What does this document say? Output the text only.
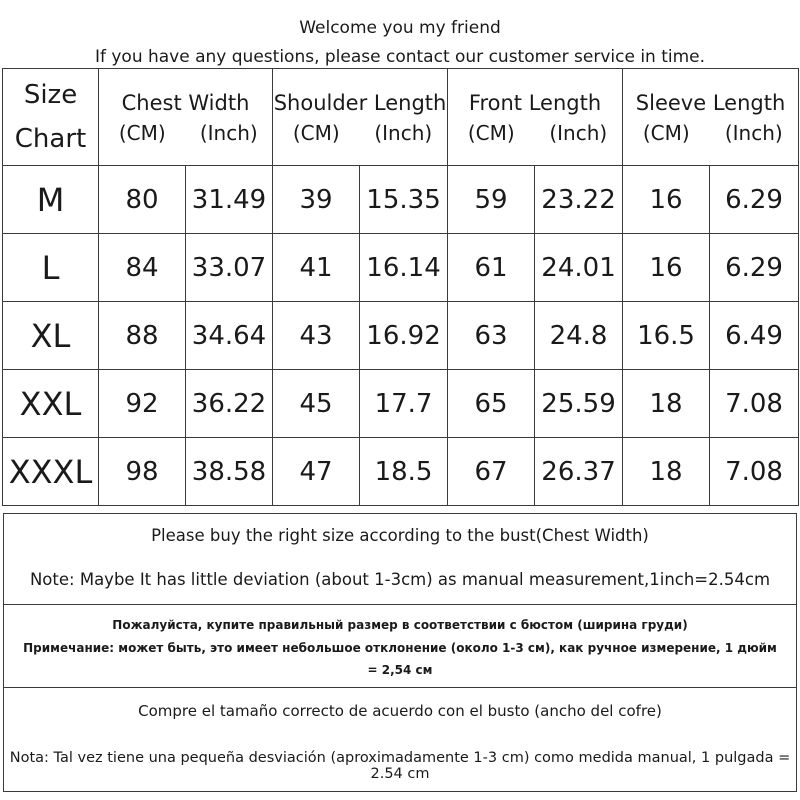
Welcome you my friend
If you have any questions, please contact our customer service in time.
Size
Chart	Chest Width		Shoulder Length		Front Length		Sleeve Length	
	(CM)	(Inch)	(CM)	(Inch)	(CM)	(Inch)	(CM)	(Inch)
M	80	31.49	39	15.35	59	23.22	16	6.29
L	84	33.07	41	16.14	61	24.01	16	6.29
XL	88	34.64	43	16.92	63	24.8	16.5	6.49
XXL	92	36.22	45	17.7	65	25.59	18	7.08
XXXL	98	38.58	47	18.5	67	26.37	18	7.08
Please buy the right size according to the bust(Chest Width)
Note: Maybe It has little deviation (about 1-3cm) as manual measurement,1inch=2.54cm
Пожалуйста, купите правильный размер в соответствии с бюстом (ширина груди)
Примечание: может быть, это имеет небольшое отклонение (около 1-3 см), как ручное измерение, 1 дюйм
= 2,54 см
Compre el tamaño correcto de acuerdo con el busto (ancho del cofre)
Nota: Tal vez tiene una pequeña desviación (aproximadamente 1-3 cm) como medida manual, 1 pulgada = 2.54 cm
